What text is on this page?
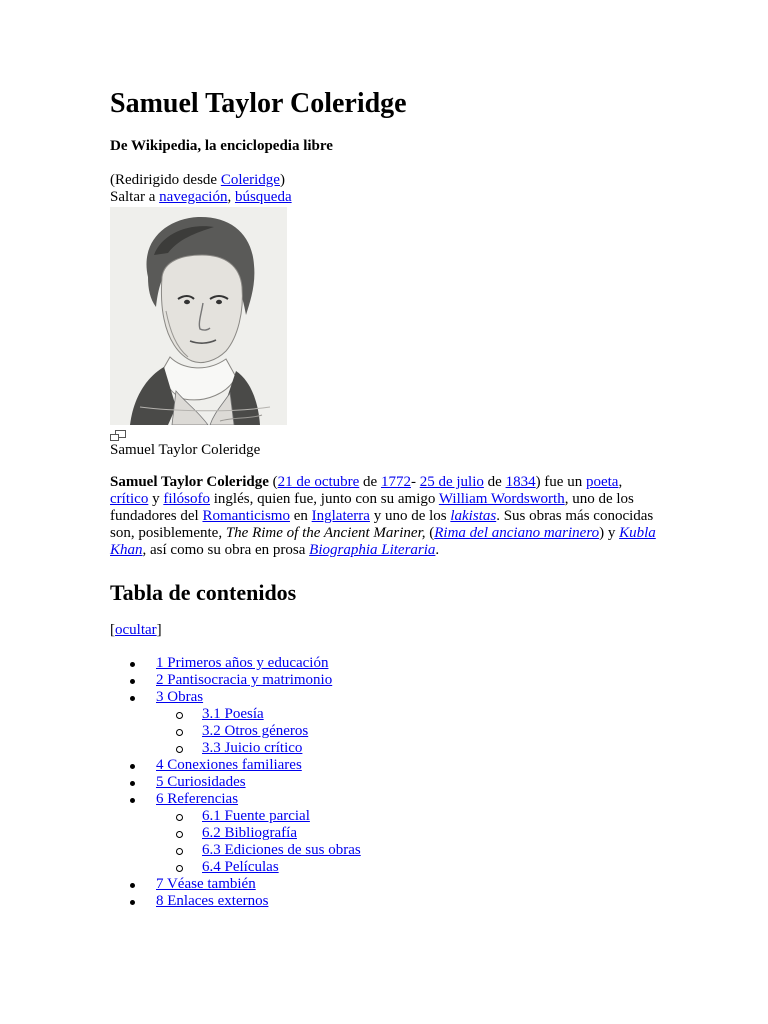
Samuel Taylor Coleridge

De Wikipedia, la enciclopedia libre

(Redirigido desde Coleridge)

Saltar a navegación, búsqueda

Samuel Taylor Coleridge

Samuel Taylor Coleridge (21 de octubre de 1772- 25 de julio de 1834) fue un poeta,
crítico y filósofo inglés, quien fue, junto con su amigo William Wordsworth, uno de los fundadores del Romanticismo en Inglaterra y uno de los lakistas. Sus obras más conocidas son, posiblemente, The Rime of the Ancient Mariner, (Rima del anciano marinero) y Kubla Khan, así como su obra en prosa Biographia Literaria.

Tabla de contenidos

[ocultar]

1 Primeros años y educación
2 Pantisocracia y matrimonio
3 Obras
3.1 Poesía
3.2 Otros géneros
3.3 Juicio crítico
4 Conexiones familiares
5 Curiosidades
6 Referencias
6.1 Fuente parcial
6.2 Bibliografía
6.3 Ediciones de sus obras
6.4 Películas
7 Véase también
8 Enlaces externos
